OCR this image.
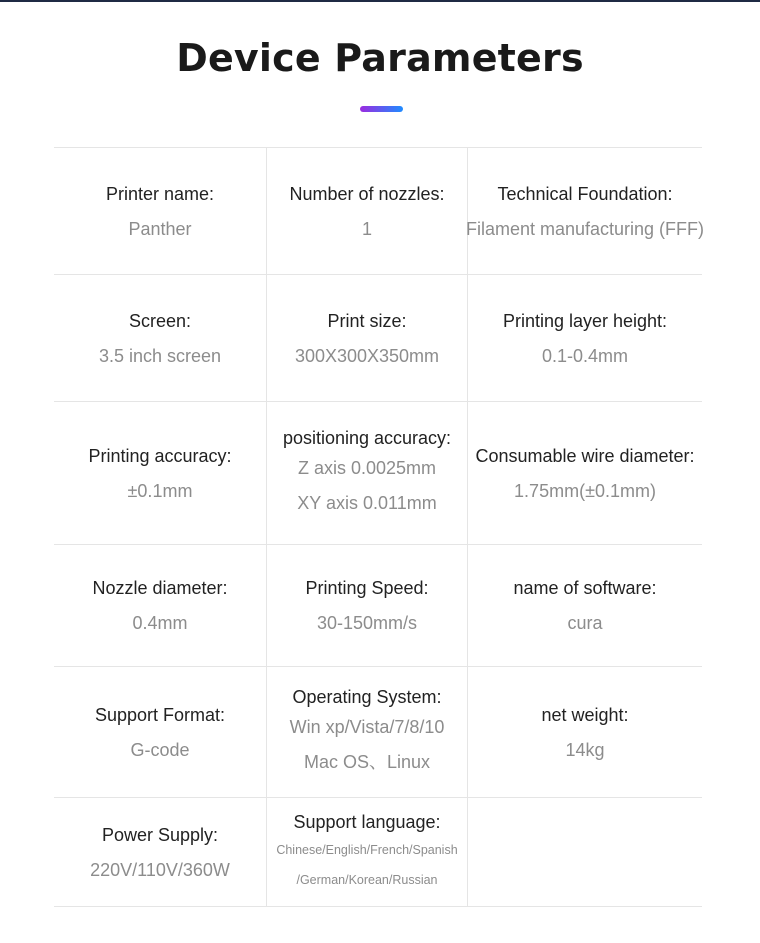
Device Parameters
Printer name:
Panther
Number of nozzles:
1
Technical Foundation:
Filament manufacturing (FFF)
Screen:
3.5 inch screen
Print size:
300X300X350mm
Printing layer height:
0.1-0.4mm
Printing accuracy:
±0.1mm
positioning accuracy:
Z axis 0.0025mm
XY axis 0.011mm
Consumable wire diameter:
1.75mm(±0.1mm)
Nozzle diameter:
0.4mm
Printing Speed:
30-150mm/s
name of software:
cura
Support Format:
G-code
Operating System:
Win xp/Vista/7/8/10
Mac OS、Linux
net weight:
14kg
Power Supply:
220V/110V/360W
Support language:
Chinese/English/French/Spanish
/German/Korean/Russian
